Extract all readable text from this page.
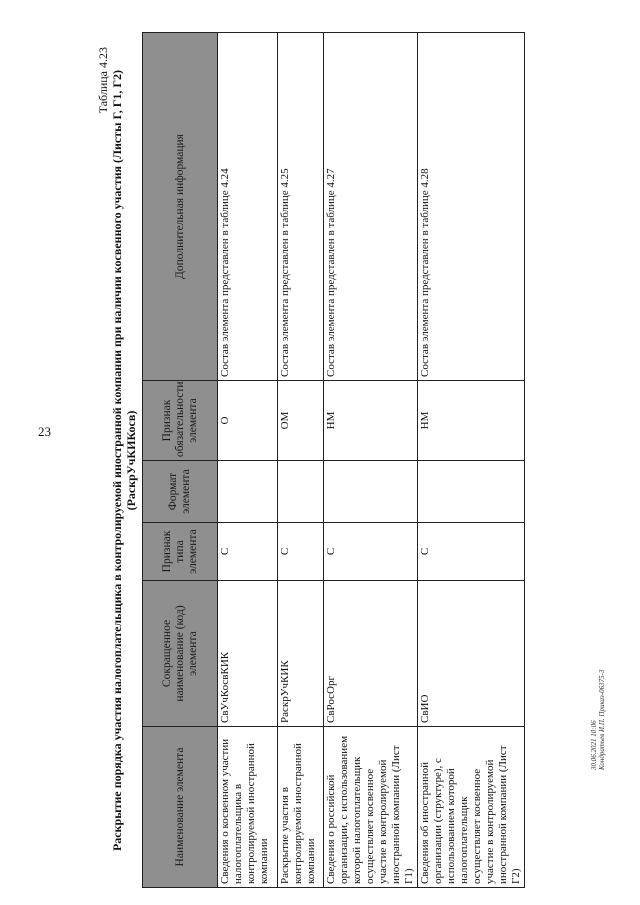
23
Таблица 4.23 Раскрытие порядка участия налогоплательщика в контролируемой иностранной компании при наличии косвенного участия (Листы Г, Г1, Г2) (РаскрУчКИКосв)
Наименование элемента	Сокращенное наименование (код) элемента	Признак типа элемента	Формат элемента	Признак обязательности элемента	Дополнительная информация
Сведения о косвенном участии налогоплательщика в контролируемой иностранной компании	СвУчКосвКИК	С		О	Состав элемента представлен в таблице 4.24
Раскрытие участия в контролируемой иностранной компании	РаскрУчКИК	С		ОМ	Состав элемента представлен в таблице 4.25
Сведения о российской организации, с использованием которой налогоплательщик осуществляет косвенное участие в контролируемой иностранной компании (Лист Г1)	СвРосОрг	С		НМ	Состав элемента представлен в таблице 4.27
Сведения об иностранной организации (структуре), с использованием которой налогоплательщик осуществляет косвенное участие в контролируемой иностранной компании (Лист Г2)	СвИО	С		НМ	Состав элемента представлен в таблице 4.28
30.06.2021 10:06 Кондратьев И.П. Приказ-06375-3
